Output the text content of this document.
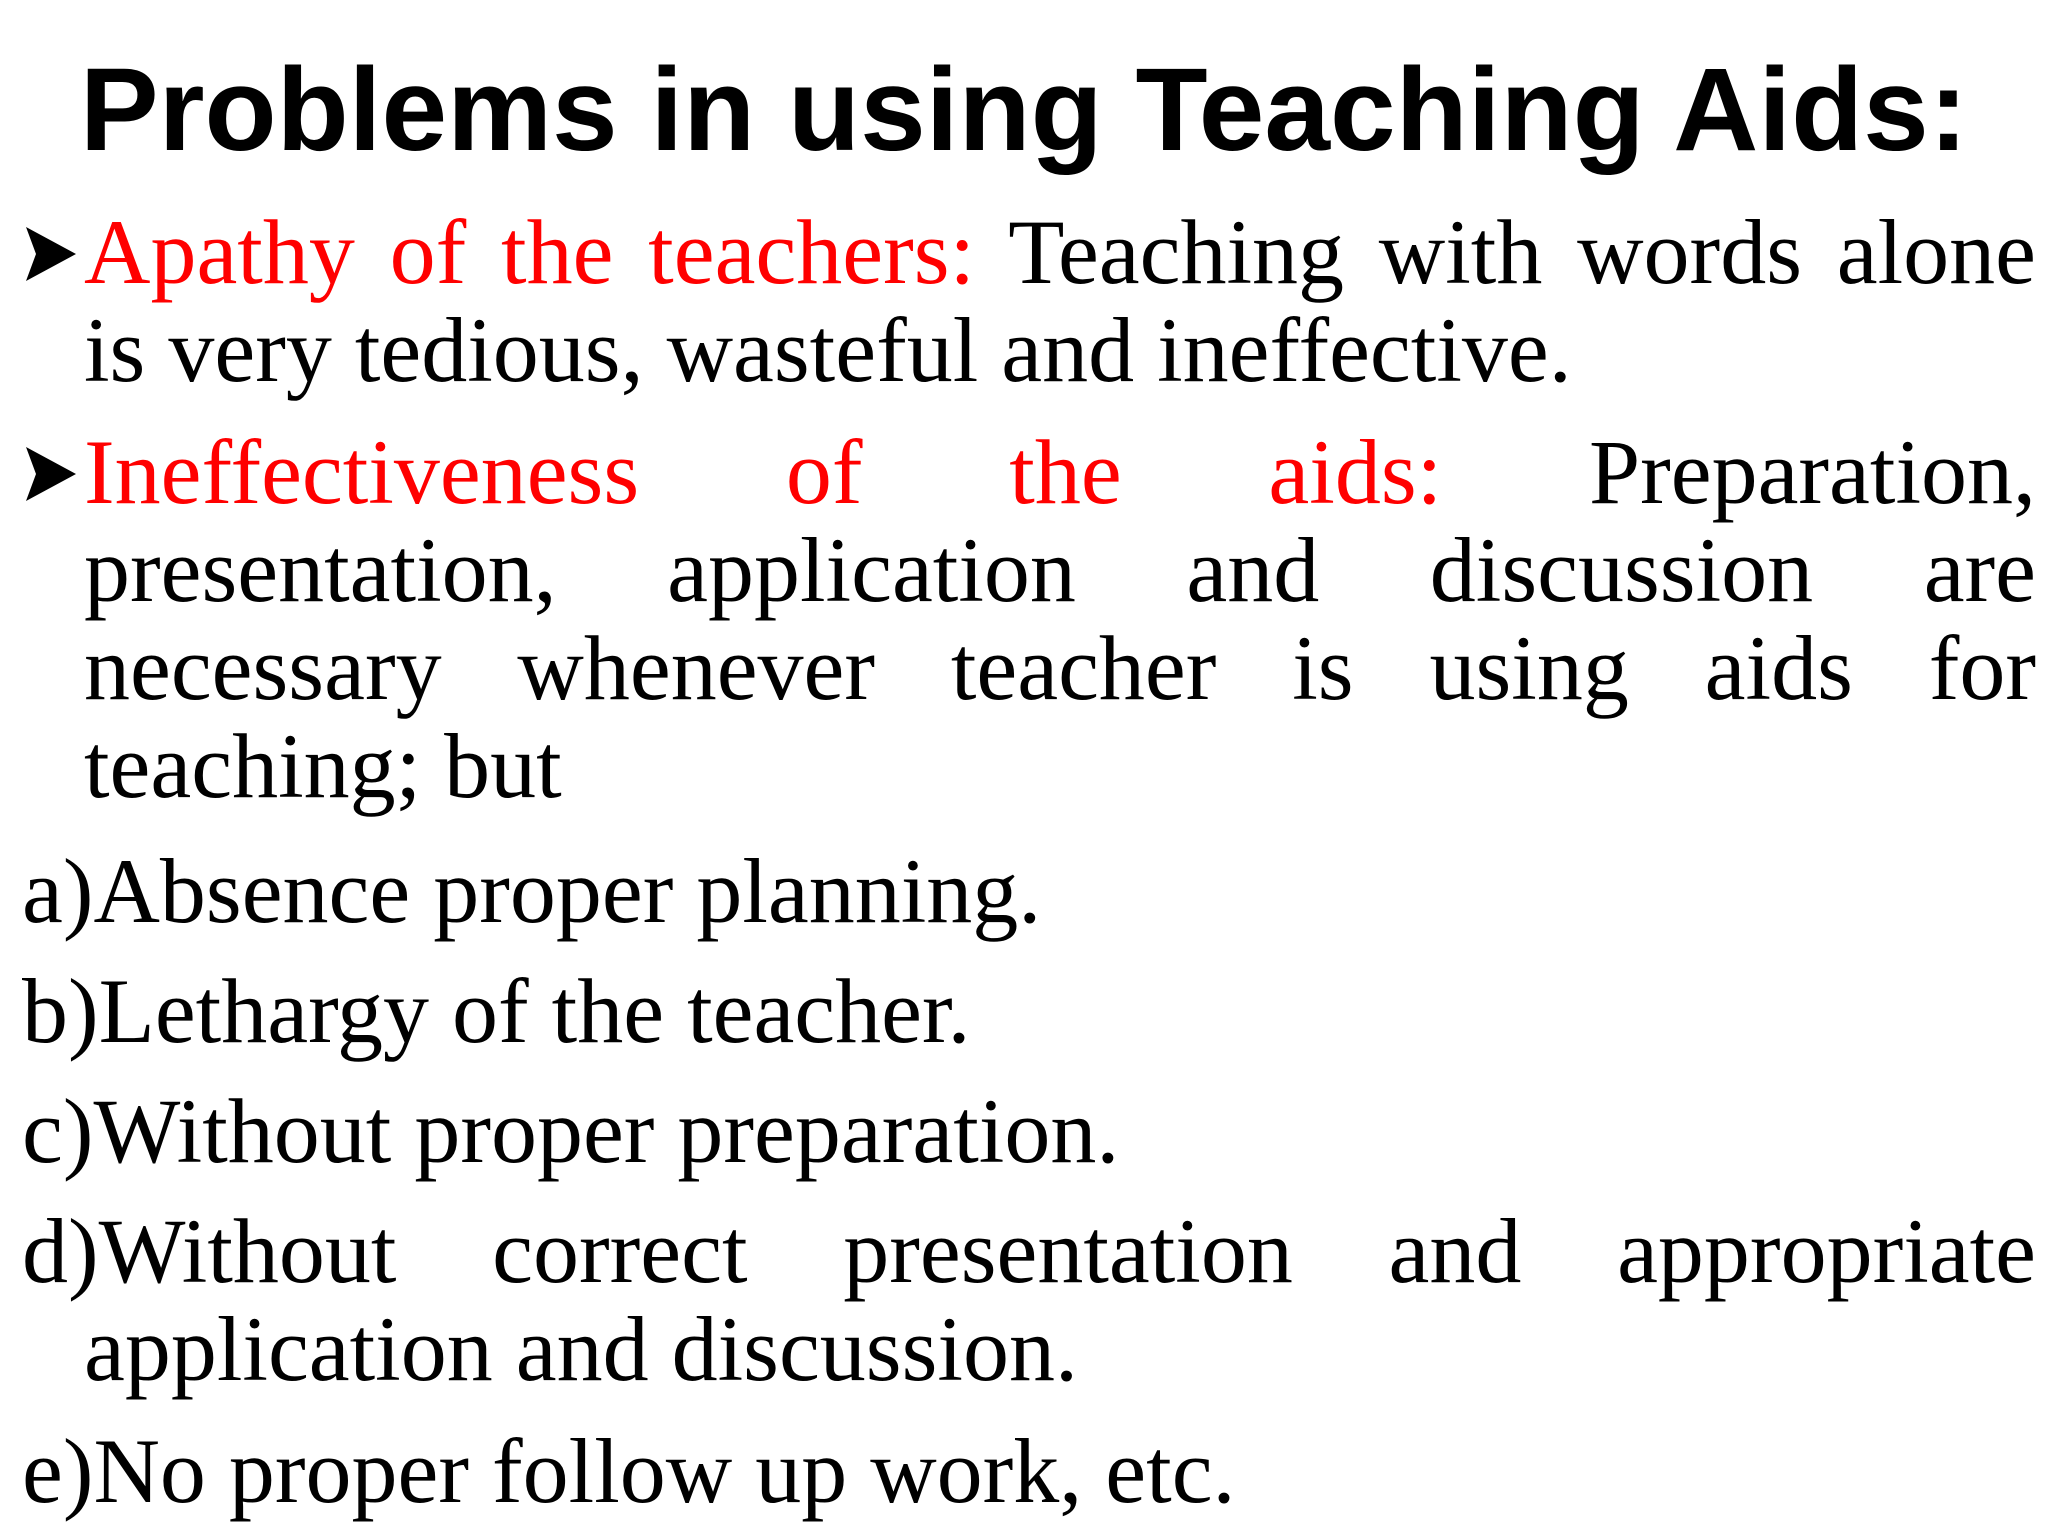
Problems in using Teaching Aids:
Apathy of the teachers: Teaching with words alone is very tedious, wasteful and ineffective.
Ineffectiveness of the aids: Preparation,
presentation, application and discussion are necessary whenever teacher is using aids for teaching; but
a)Absence proper planning.
b)Lethargy of the teacher.
c)Without proper preparation.
d)Without correct presentation and appropriate
application and discussion.
e)No proper follow up work, etc.
